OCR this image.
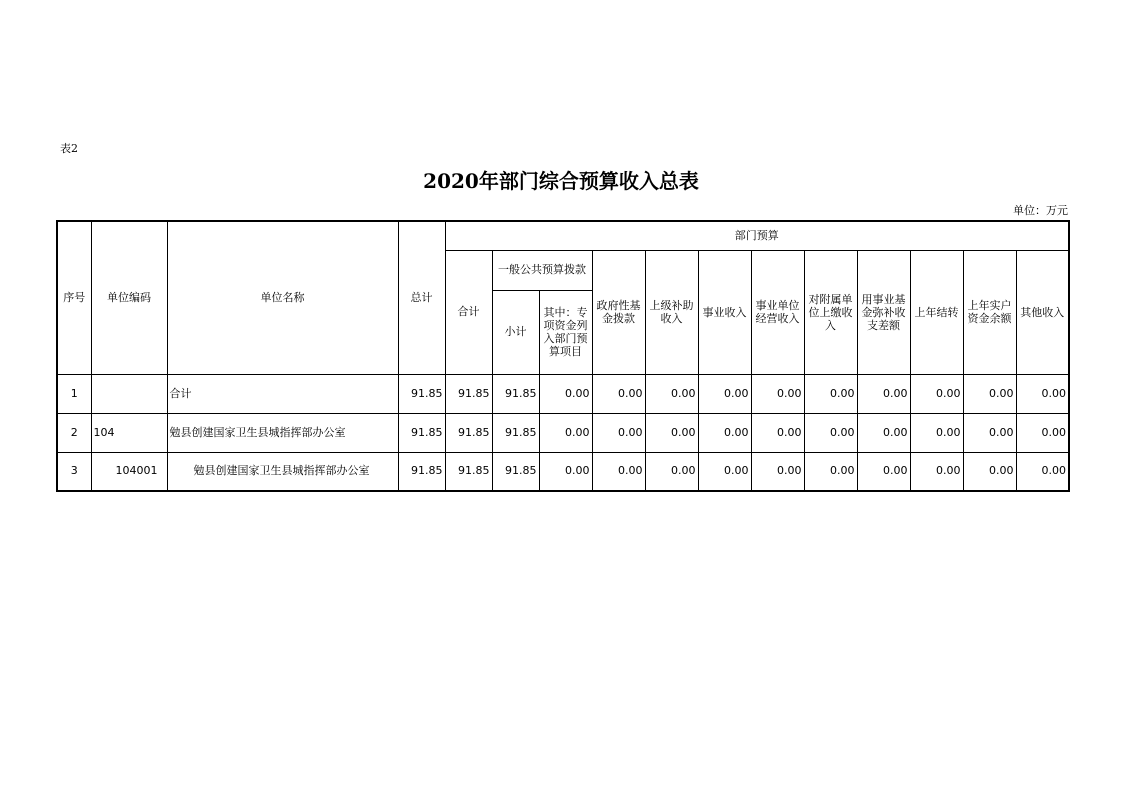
表2
2020年部门综合预算收入总表
单位：万元
序号	单位编码	单位名称	总计	部门预算											
				合计	一般公共预算拨款		政府性基金拨款	上级补助收入	事业收入	事业单位经营收入	对附属单位上缴收入	用事业基金弥补收支差额	上年结转	上年实户资金余额	其他收入
					小计	其中：专项资金列入部门预算项目									
1		合计	91.85	91.85	91.85	0.00	0.00	0.00	0.00	0.00	0.00	0.00	0.00	0.00	0.00
2	104	勉县创建国家卫生县城指挥部办公室	91.85	91.85	91.85	0.00	0.00	0.00	0.00	0.00	0.00	0.00	0.00	0.00	0.00
3	104001	勉县创建国家卫生县城指挥部办公室	91.85	91.85	91.85	0.00	0.00	0.00	0.00	0.00	0.00	0.00	0.00	0.00	0.00
